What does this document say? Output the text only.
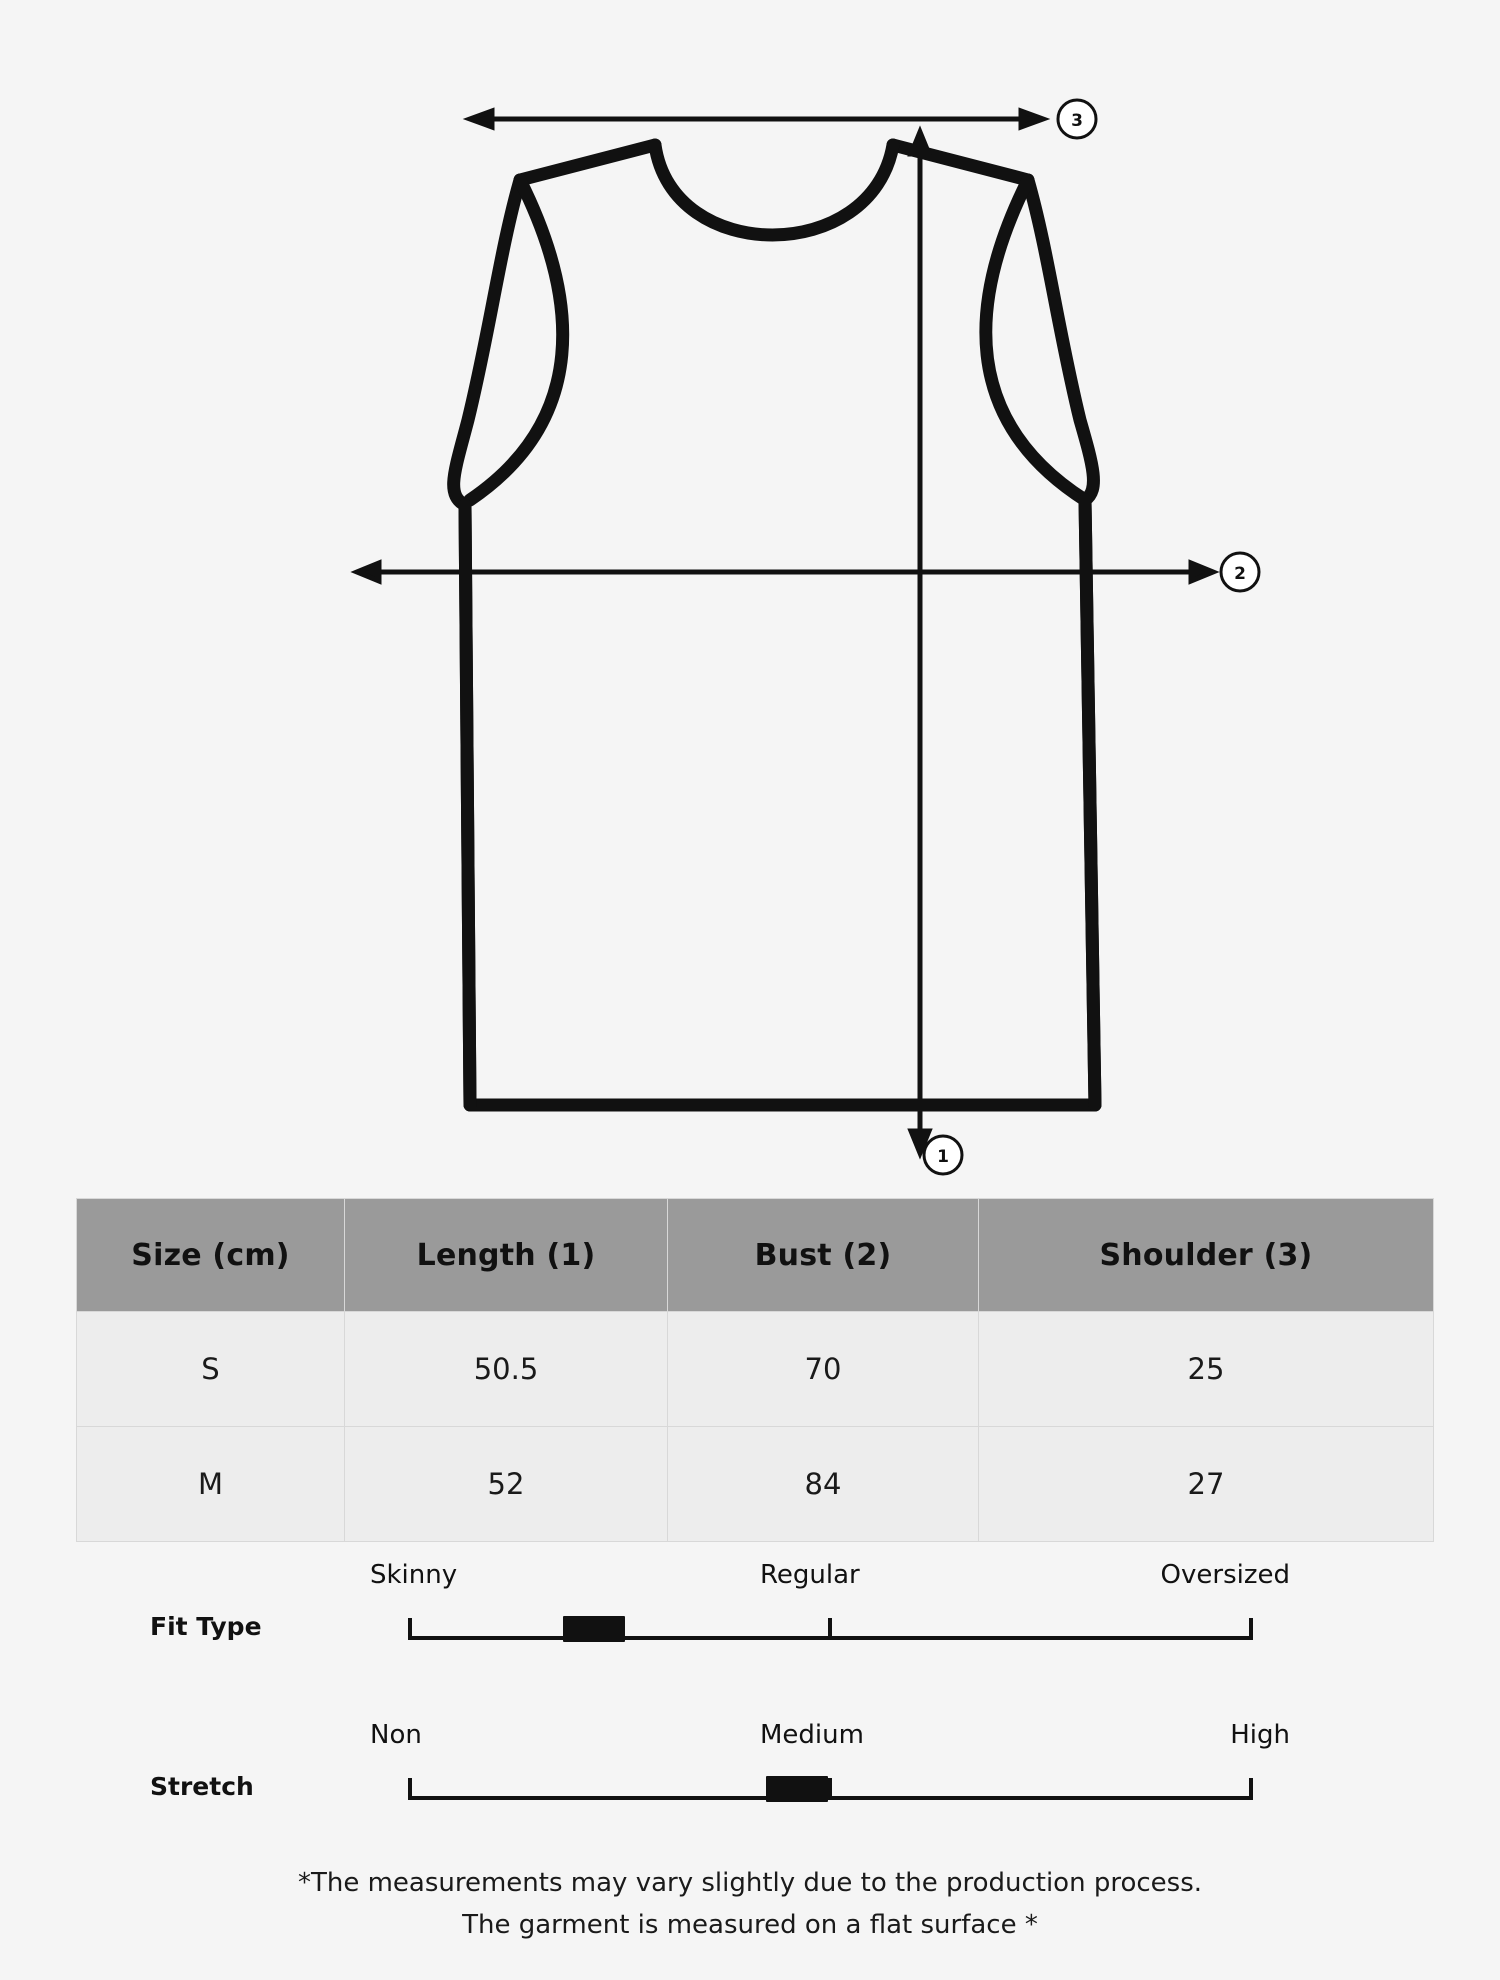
3
2
1
Size (cm)	Length (1)	Bust (2)	Shoulder (3)
S	50.5	70	25
M	52	84	27
Skinny	Regular	Oversized
Fit Type
Non	Medium	High
Stretch
*The measurements may vary slightly due to the production process.
The garment is measured on a flat surface *
